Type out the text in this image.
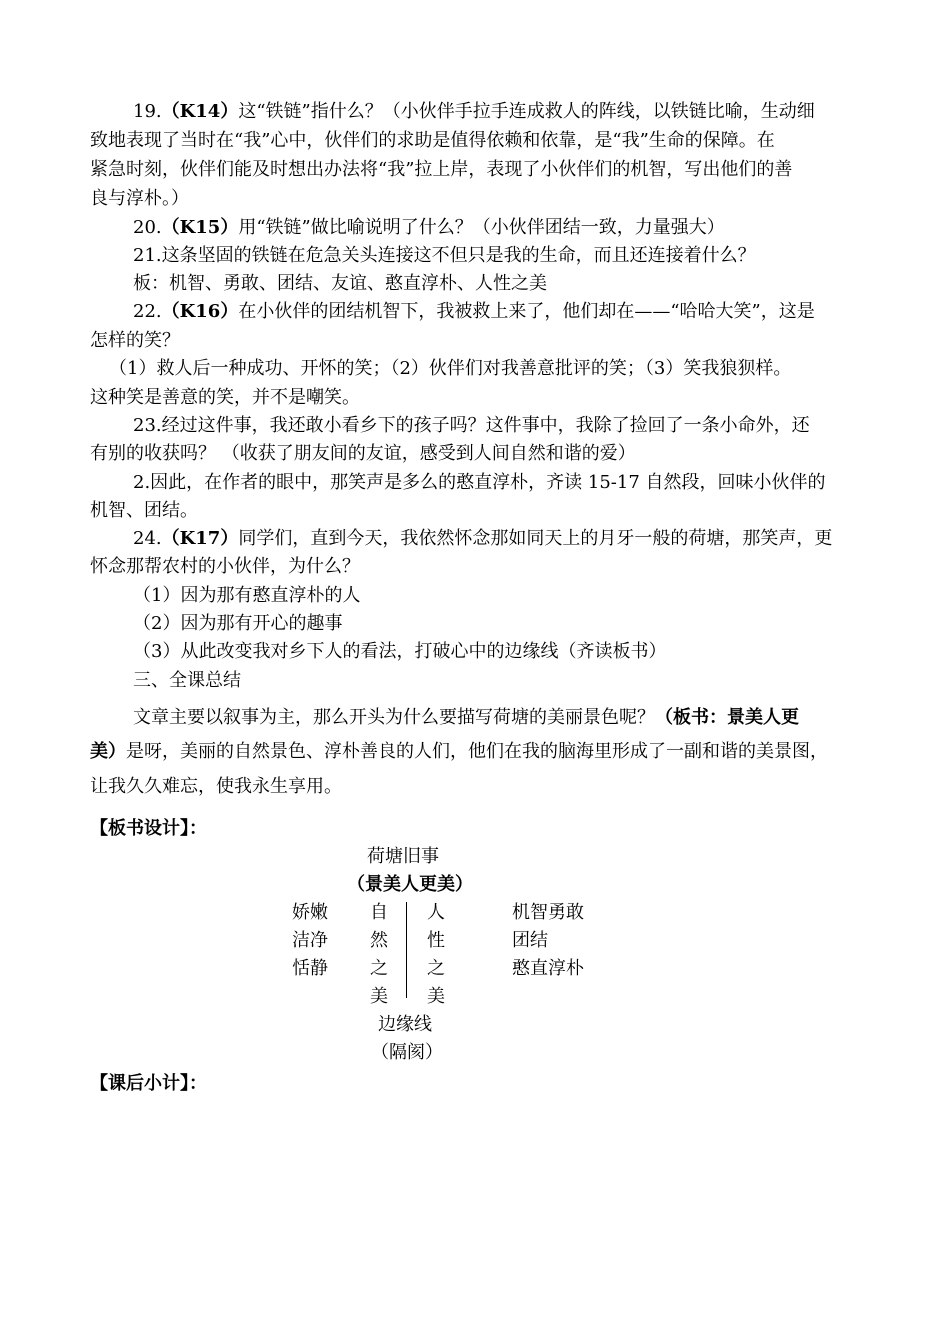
19.（K14）这“铁链”指什么？（小伙伴手拉手连成救人的阵线，以铁链比喻，生动细
致地表现了当时在“我”心中，伙伴们的求助是值得依赖和依靠，是“我”生命的保障。在
紧急时刻，伙伴们能及时想出办法将“我”拉上岸，表现了小伙伴们的机智，写出他们的善
良与淳朴。）
20.（K15）用“铁链”做比喻说明了什么？（小伙伴团结一致，力量强大）
21.这条坚固的铁链在危急关头连接这不但只是我的生命，而且还连接着什么？
板：机智、勇敢、团结、友谊、憨直淳朴、人性之美
22.（K16）在小伙伴的团结机智下，我被救上来了，他们却在——“哈哈大笑”，这是
怎样的笑？
（1）救人后一种成功、开怀的笑；（2）伙伴们对我善意批评的笑；（3）笑我狼狈样。
这种笑是善意的笑，并不是嘲笑。
23.经过这件事，我还敢小看乡下的孩子吗？这件事中，我除了捡回了一条小命外，还
有别的收获吗？ （收获了朋友间的友谊，感受到人间自然和谐的爱）
2.因此，在作者的眼中，那笑声是多么的憨直淳朴，齐读 15-17 自然段，回味小伙伴的
机智、团结。
24.（K17）同学们，直到今天，我依然怀念那如同天上的月牙一般的荷塘，那笑声，更
怀念那帮农村的小伙伴，为什么？
（1）因为那有憨直淳朴的人
（2）因为那有开心的趣事
（3）从此改变我对乡下人的看法，打破心中的边缘线（齐读板书）
三、全课总结
文章主要以叙事为主，那么开头为什么要描写荷塘的美丽景色呢？（板书：景美人更
美）是呀，美丽的自然景色、淳朴善良的人们，他们在我的脑海里形成了一副和谐的美景图，
让我久久难忘，使我永生享用。
【板书设计】：
荷塘旧事
（景美人更美）
娇嫩
洁净
恬静
自
然
之
美
人
性
之
美
机智勇敢
团结
憨直淳朴
边缘线
（隔阂）
【课后小计】：
